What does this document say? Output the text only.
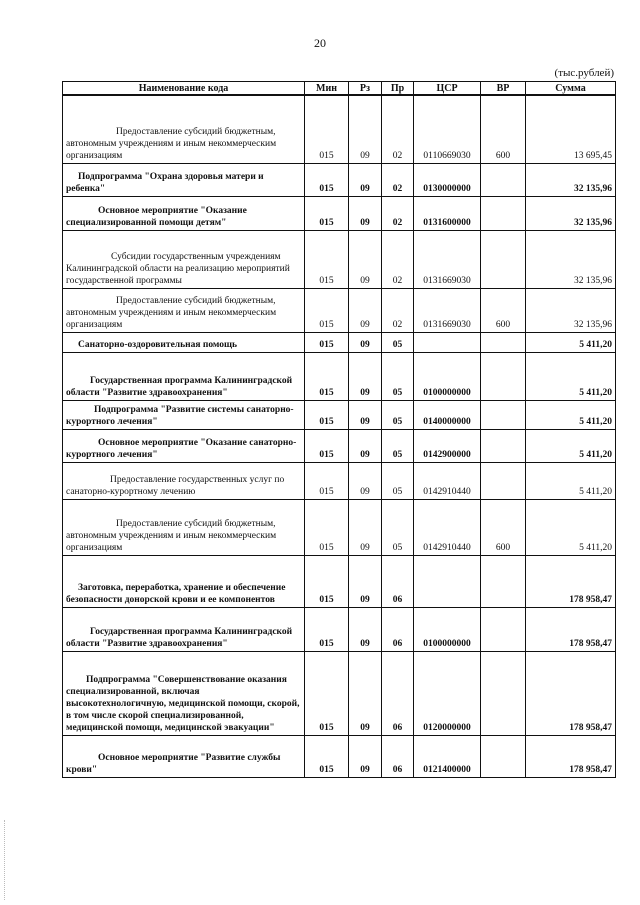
20
(тыс.рублей)
Наименование кода	Мин	Рз	Пр	ЦСР	ВР	Сумма

Предоставление субсидий бюджетным, автономным учреждениям и иным некоммерческим организациям	015	09	02	0110669030	600	13 695,45

Подпрограмма "Охрана здоровья матери и ребенка"	015	09	02	0130000000		32 135,96

Основное мероприятие "Оказание специализированной помощи детям"	015	09	02	0131600000		32 135,96

Субсидии государственным учреждениям Калининградской области на реализацию мероприятий государственной программы	015	09	02	0131669030		32 135,96

Предоставление субсидий бюджетным, автономным учреждениям и иным некоммерческим организациям	015	09	02	0131669030	600	32 135,96

Санаторно-оздоровительная помощь	015	09	05			5 411,20

Государственная программа Калининградской области "Развитие здравоохранения"	015	09	05	0100000000		5 411,20

Подпрограмма "Развитие системы санаторно-курортного лечения"	015	09	05	0140000000		5 411,20

Основное мероприятие "Оказание санаторно-курортного лечения"	015	09	05	0142900000		5 411,20

Предоставление государственных услуг по санаторно-курортному лечению	015	09	05	0142910440		5 411,20

Предоставление субсидий бюджетным, автономным учреждениям и иным некоммерческим организациям	015	09	05	0142910440	600	5 411,20

Заготовка, переработка, хранение и обеспечение безопасности донорской крови и ее компонентов	015	09	06			178 958,47

Государственная программа Калининградской области "Развитие здравоохранения"	015	09	06	0100000000		178 958,47

Подпрограмма "Совершенствование оказания специализированной, включая высокотехнологичную, медицинской помощи, скорой, в том числе скорой специализированной, медицинской помощи, медицинской эвакуации"	015	09	06	0120000000		178 958,47

Основное мероприятие "Развитие службы крови"	015	09	06	0121400000		178 958,47
